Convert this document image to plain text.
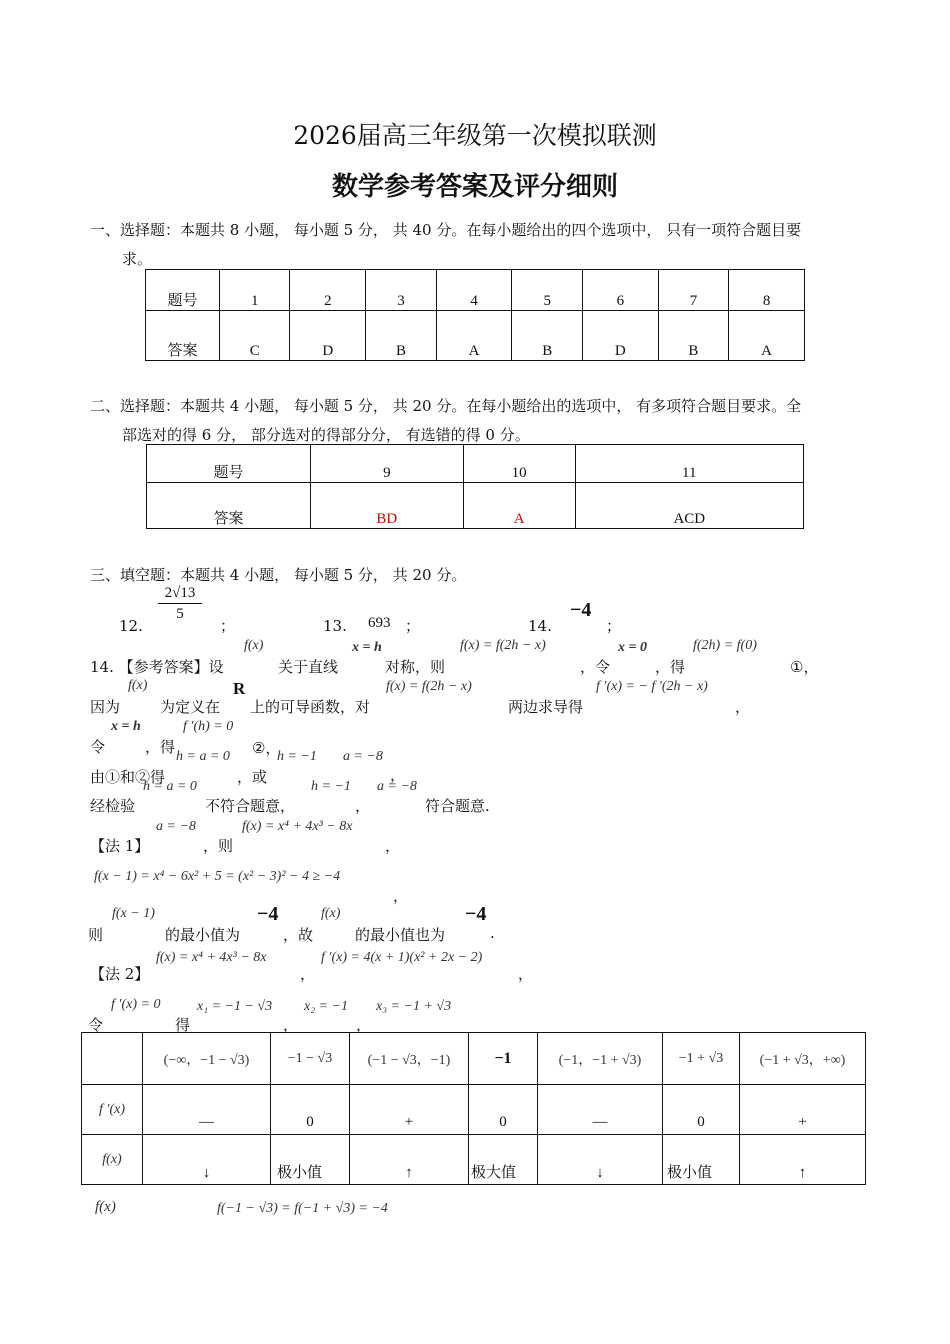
2026届高三年级第一次模拟联测
数学参考答案及评分细则
一、选择题：本题共 8 小题， 每小题 5 分， 共 40 分。在每小题给出的四个选项中， 只有一项符合题目要
求。
题号	1	2	3	4	5	6	7	8
答案	C	D	B	A	B	D	B	A
二、选择题：本题共 4 小题， 每小题 5 分， 共 20 分。在每小题给出的选项中， 有多项符合题目要求。全
部选对的得 6 分， 部分选对的得部分分， 有选错的得 0 分。
题号	9	10	11
答案	BD	A	ACD
三、填空题：本题共 4 小题， 每小题 5 分， 共 20 分。
12.
2√13
5
；	13. 693 ；	14.
−4
；
14. 【参考答案】设
f(x)
关于直线
x = h
对称，则
f(x) = f(2h − x)
，令
x = 0
，得
f(2h) = f(0)
①，
因为
f(x)
为定义在
R
上的可导函数，对
f(x) = f(2h − x)
两边求导得
f ′(x) = − f ′(2h − x)
，
x = h	f ′(h) = 0
令	，得
h = a = 0 ②，
h = −1 a = −8
由①和②得	，或	，
h = a = 0	h = −1 a = −8
经检验	不符合题意，	，	符合题意.
a = −8	f(x) = x⁴ + 4x³ − 8x
【法 1】	，则	，
f(x − 1) = x⁴ − 6x² + 5 = (x² − 3)² − 4 ≥ −4
，
f(x − 1)	−4	f(x)	−4
则	的最小值为	，故	的最小值也为	.
【法 2】
f(x) = x⁴ + 4x³ − 8x
，
f ′(x) = 4(x + 1)(x² + 2x − 2)
，
f ′(x) = 0	x₁ = −1 − √3 x₂ = −1 x₃ = −1 + √3
令	得	，	，
	(−∞，−1 − √3)	−1 − √3	(−1 − √3，−1)	−1	(−1，−1 + √3)	−1 + √3	(−1 + √3，+∞)
f ′(x)	—	0	+	0	—	0	+
f(x)	↓	极小值	↑	极大值	↓	极小值	↑
f(x)	f(−1 − √3) = f(−1 + √3) = −4
